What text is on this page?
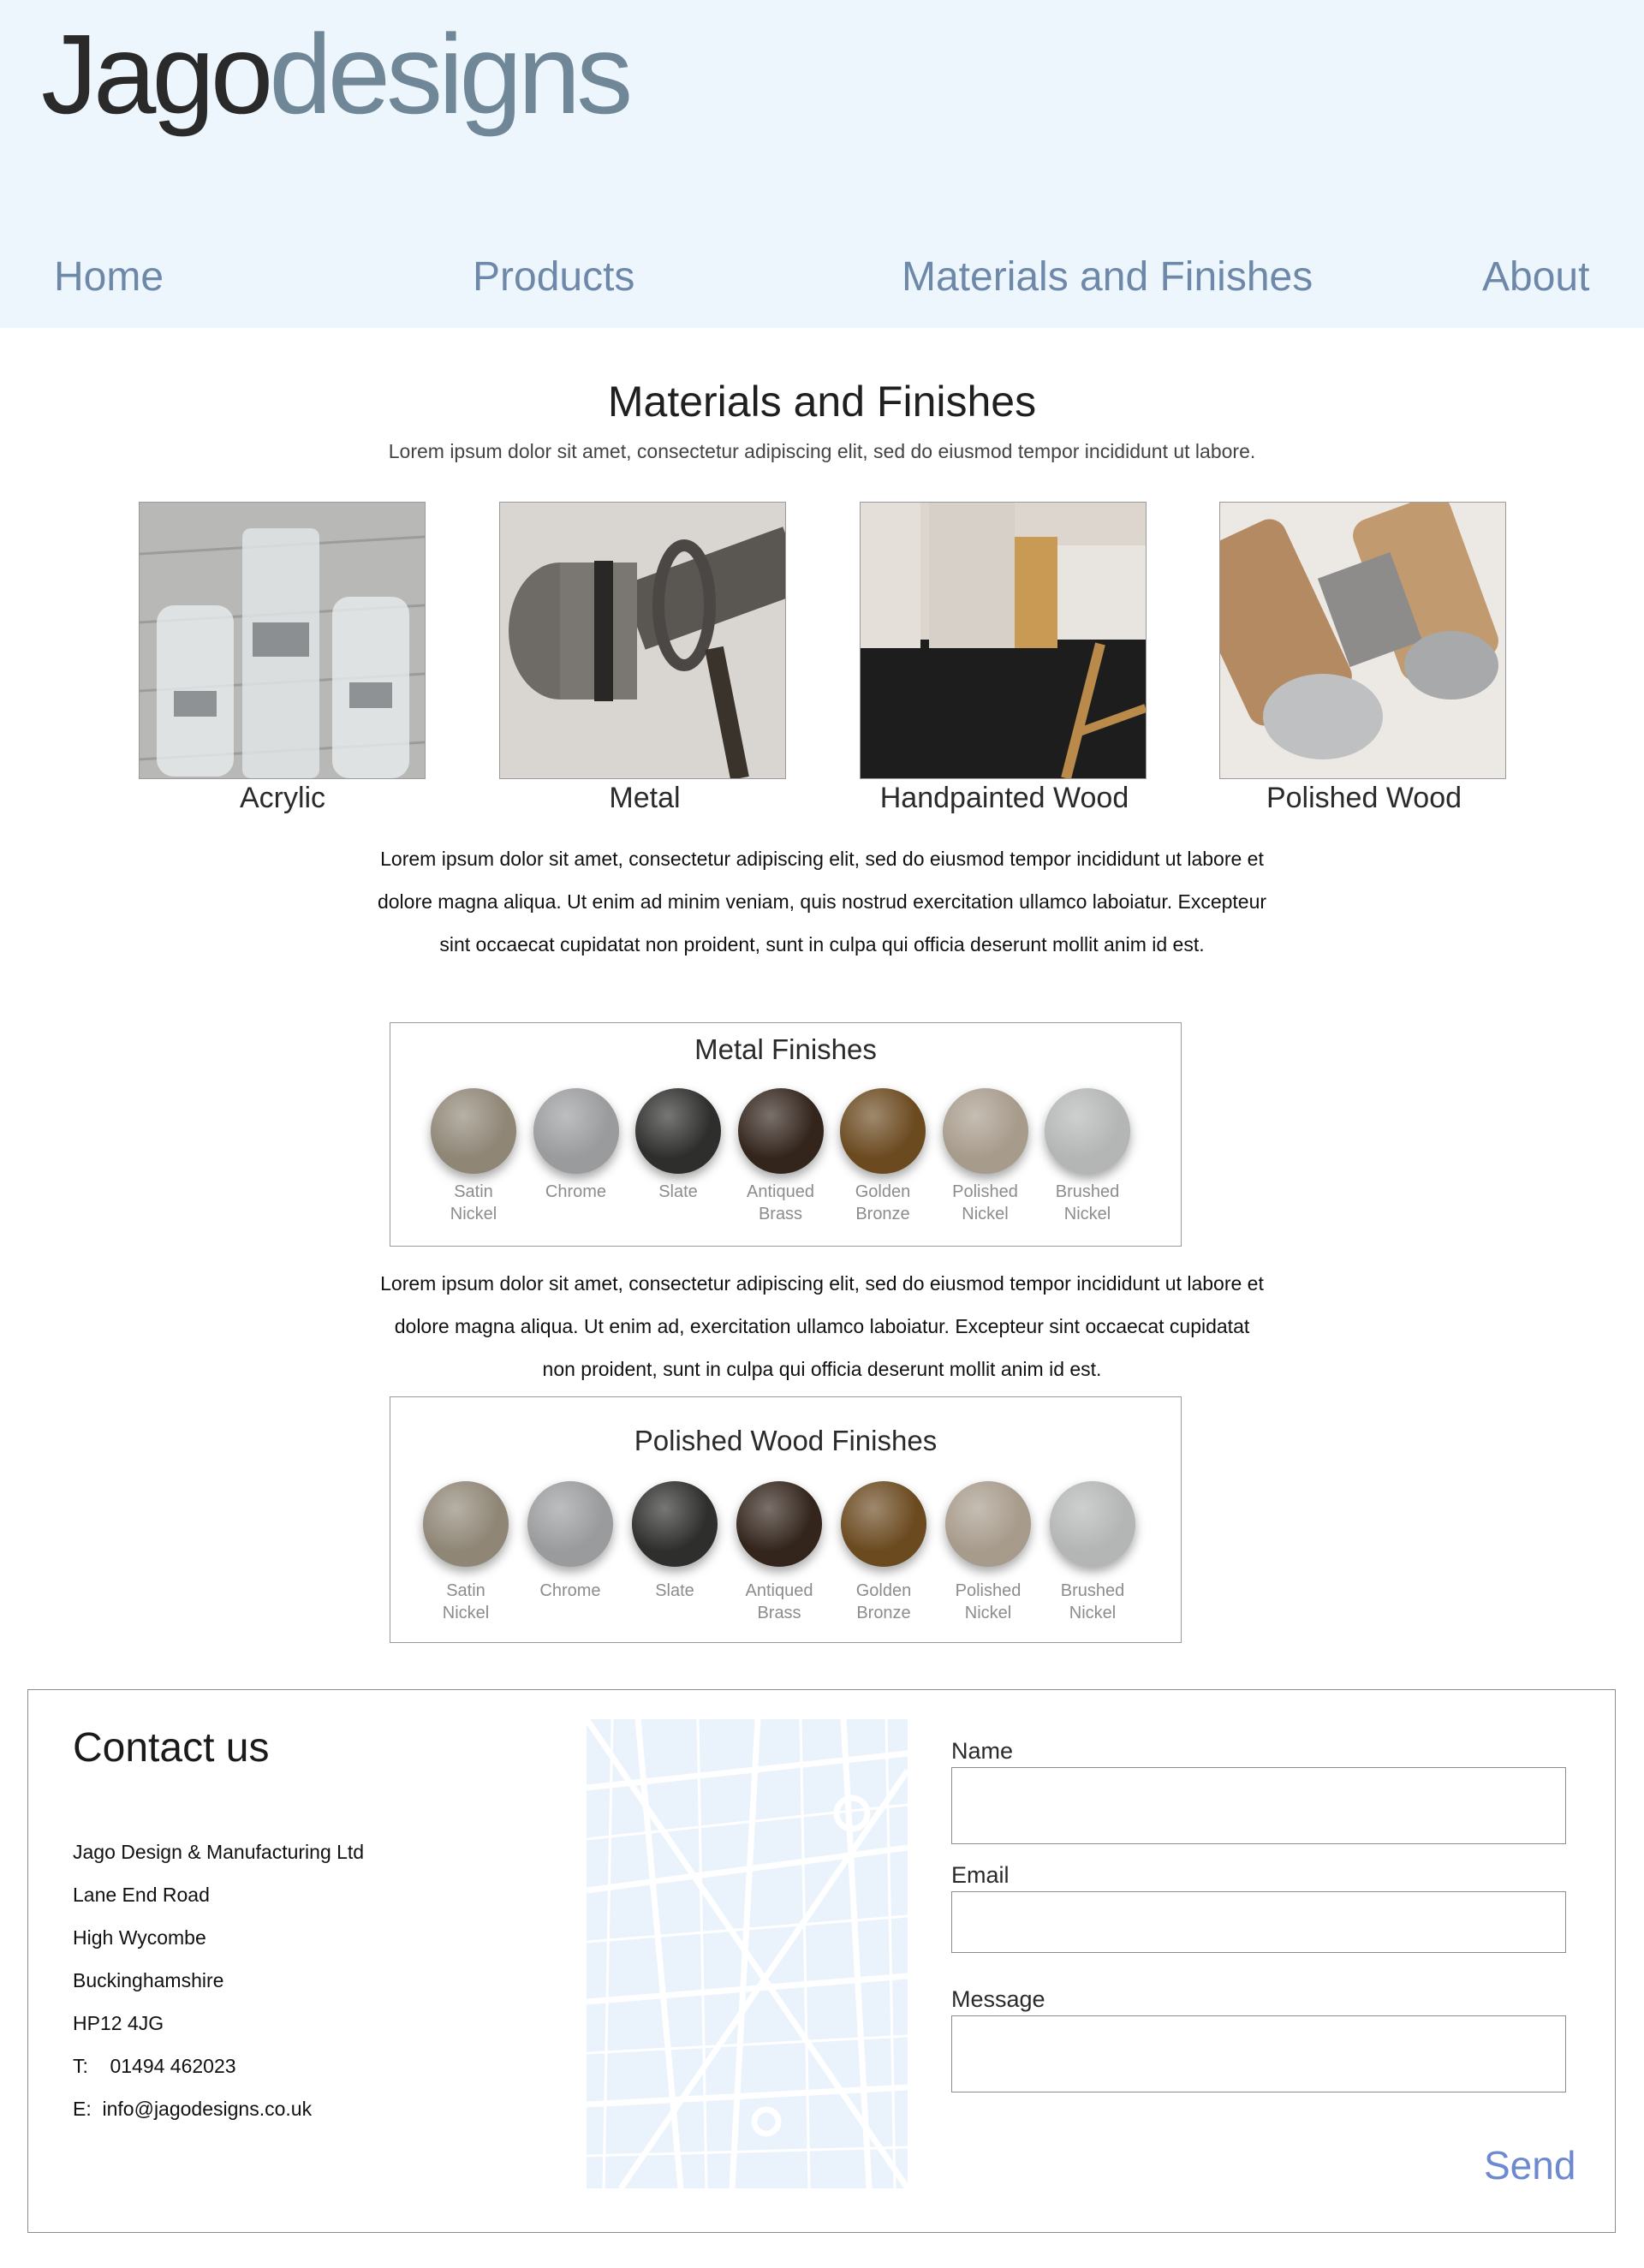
Jagodesigns
Home	Products	Materials and Finishes	About
Materials and Finishes
Lorem ipsum dolor sit amet, consectetur adipiscing elit, sed do eiusmod tempor incididunt ut labore.
Acrylic	Metal	Handpainted Wood	Polished Wood
Lorem ipsum dolor sit amet, consectetur adipiscing elit, sed do eiusmod tempor incididunt ut labore et dolore magna aliqua. Ut enim ad minim veniam, quis nostrud exercitation ullamco laboiatur. Excepteur sint occaecat cupidatat non proident, sunt in culpa qui officia deserunt mollit anim id est.
Metal Finishes
Satin
Nickel
Chrome	Slate	Antiqued
Brass
Golden
Bronze
Polished
Nickel
Brushed
Nickel
Lorem ipsum dolor sit amet, consectetur adipiscing elit, sed do eiusmod tempor incididunt ut labore et dolore magna aliqua. Ut enim ad, exercitation ullamco laboiatur. Excepteur sint occaecat cupidatat non proident, sunt in culpa qui officia deserunt mollit anim id est.
Polished Wood Finishes
Satin
Nickel
Chrome	Slate	Antiqued
Brass
Golden
Bronze
Polished
Nickel
Brushed
Nickel
Contact us
Jago Design & Manufacturing Ltd
Lane End Road
High Wycombe
Buckinghamshire
HP12 4JG
T:    01494 462023
E:  info@jagodesigns.co.uk
Name
Email
Message
Send
